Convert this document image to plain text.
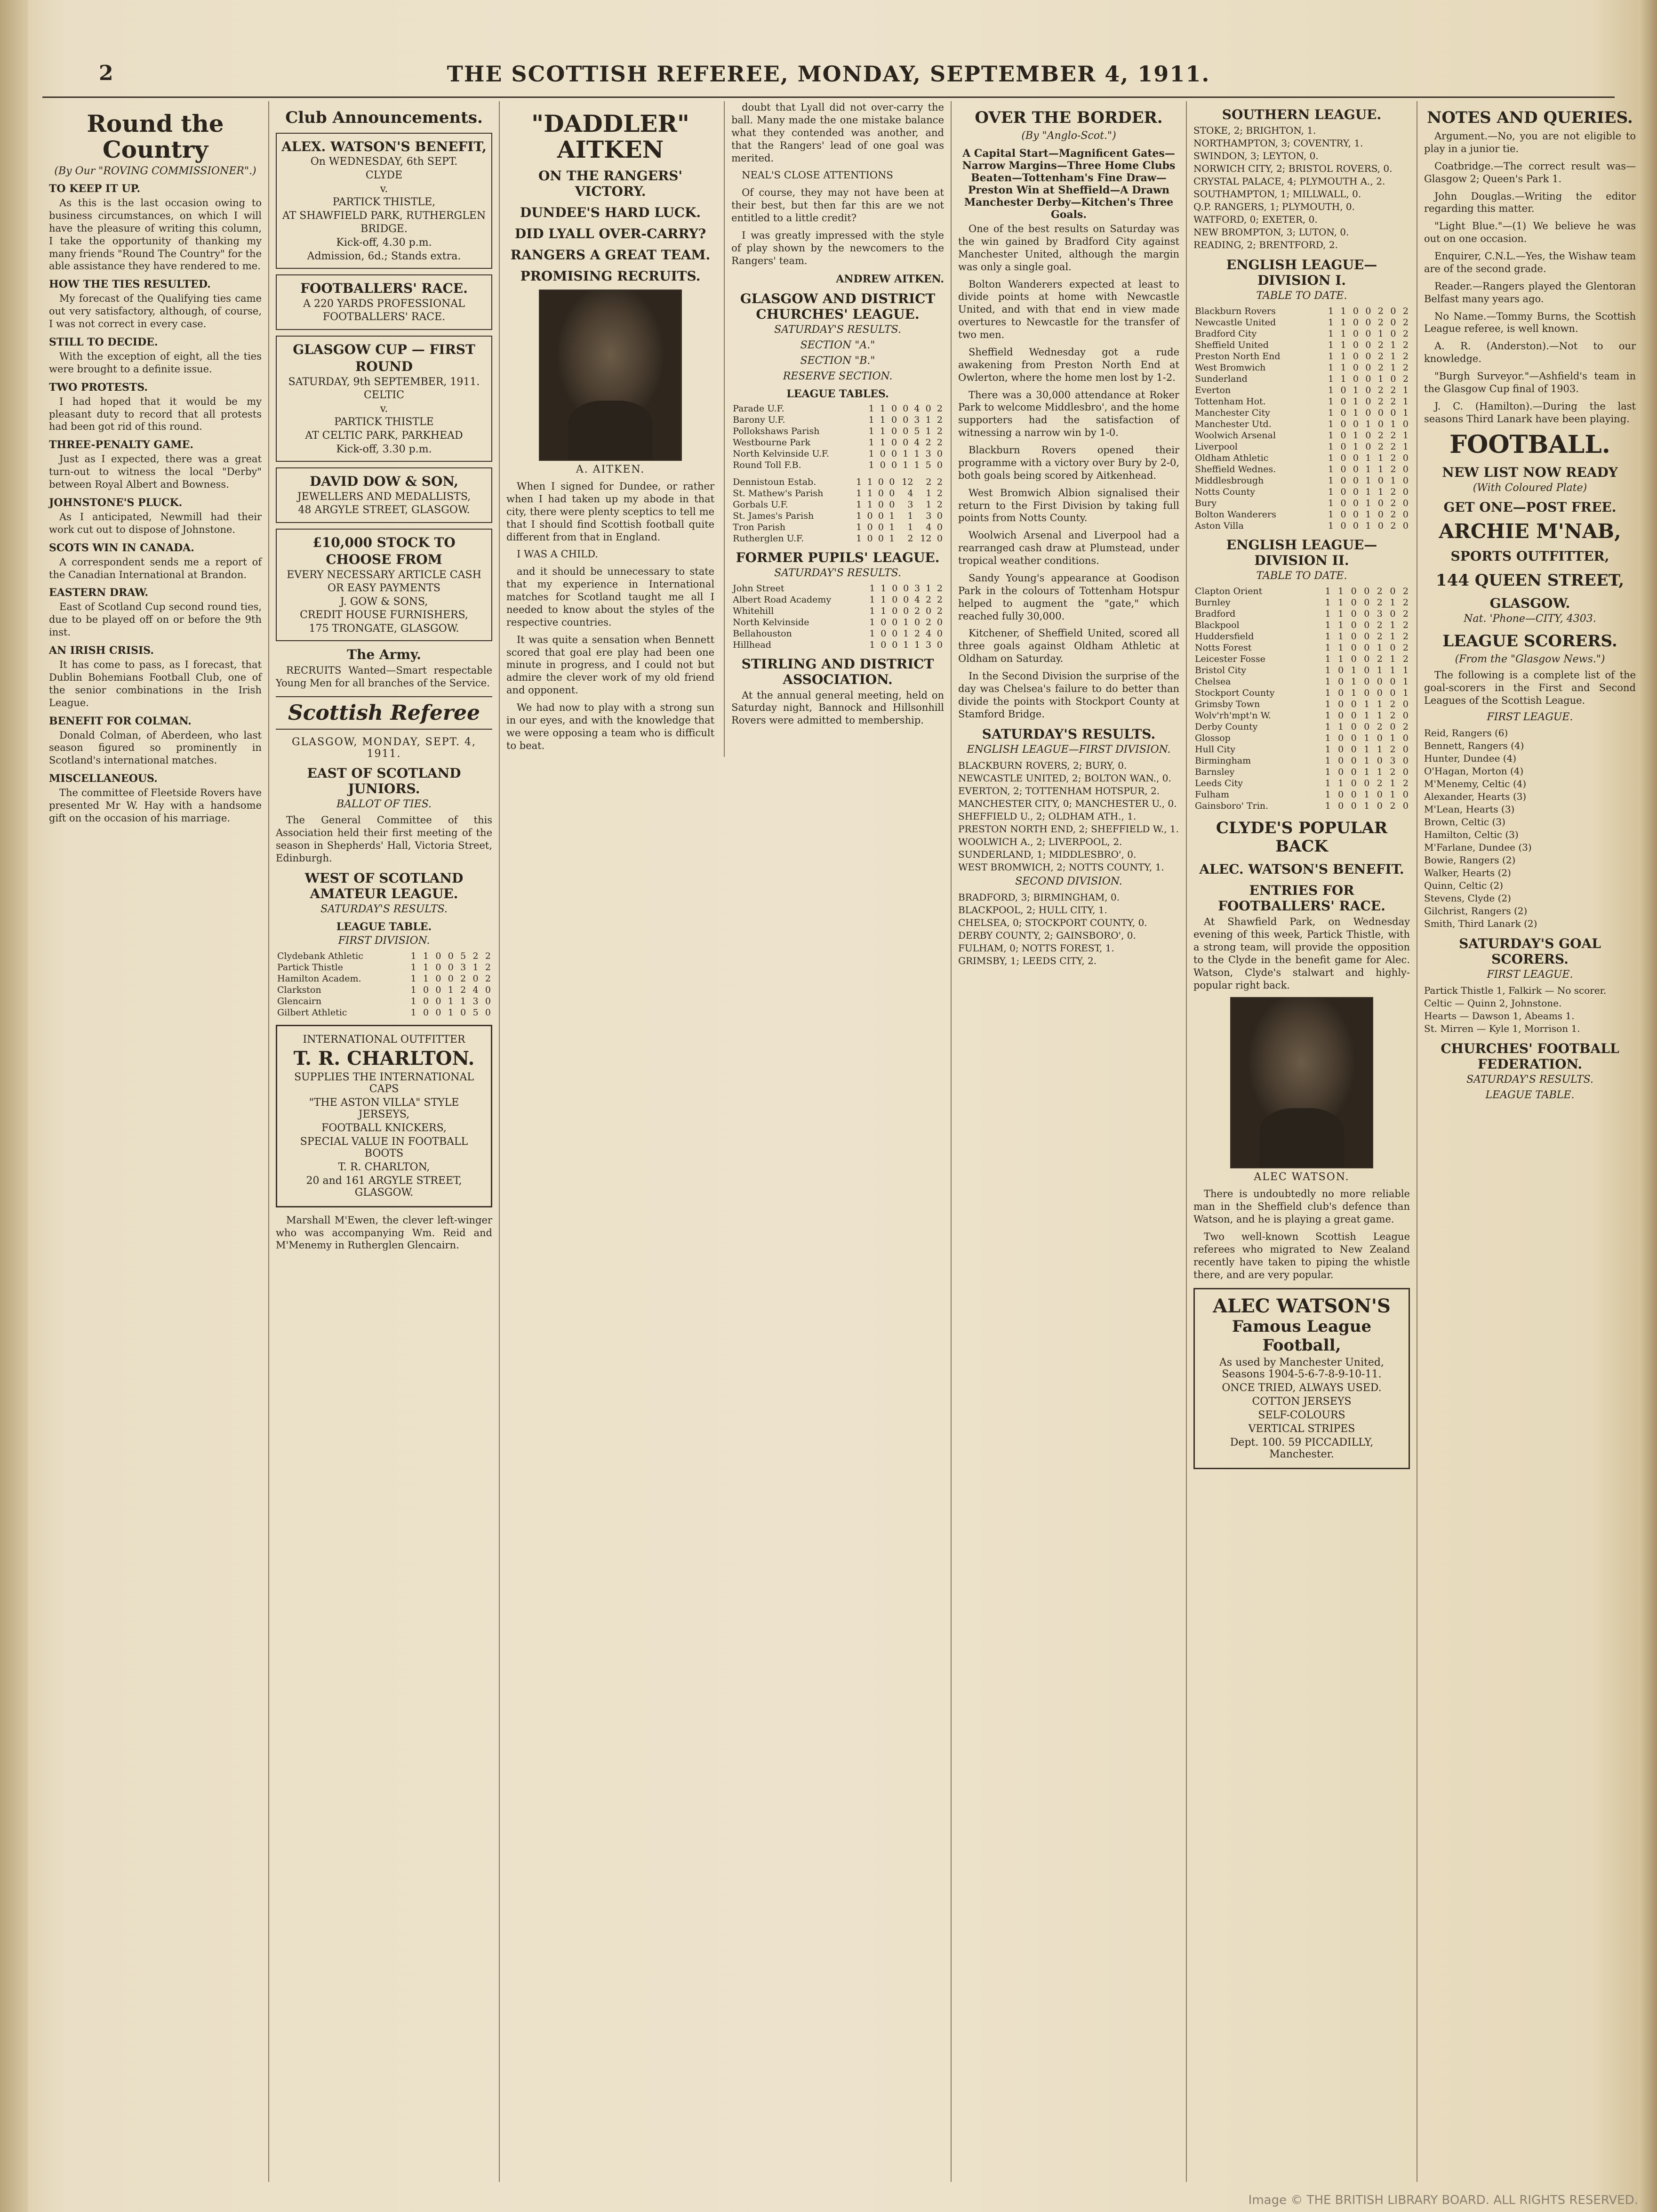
THE SCOTTISH REFEREE, MONDAY, SEPTEMBER 4, 1911.
2
Round the Country
(By Our "ROVING COMMISSIONER".)
TO KEEP IT UP.

As this is the last occasion owing to business circumstances, on which I will have the pleasure of writing this column, I take the opportunity of thanking my many friends "Round The Country" for the able assistance they have rendered to me.

HOW THE TIES RESULTED.

My forecast of the Qualifying ties came out very satisfactory, although, of course, I was not correct in every case.

STILL TO DECIDE.

With the exception of eight, all the ties were brought to a definite issue.

TWO PROTESTS.

I had hoped that it would be my pleasant duty to record that all protests had been got rid of this round.

THREE-PENALTY GAME.

Just as I expected, there was a great turn-out to witness the local "Derby" between Royal Albert and Bowness.

JOHNSTONE'S PLUCK.

As I anticipated, Newmill had their work cut out to dispose of Johnstone.

SCOTS WIN IN CANADA.

A correspondent sends me a report of the Canadian International at Brandon.

EASTERN DRAW.

East of Scotland Cup second round ties, due to be played off on or before the 9th inst.

AN IRISH CRISIS.

It has come to pass, as I forecast, that Dublin Bohemians Football Club, one of the senior combinations in the Irish League.

BENEFIT FOR COLMAN.

Donald Colman, of Aberdeen, who last season figured so prominently in Scotland's international matches.

MISCELLANEOUS.

The committee of Fleetside Rovers have presented Mr W. Hay with a handsome gift on the occasion of his marriage.

Club Announcements.
ALEX. WATSON'S BENEFIT,
On WEDNESDAY, 6th SEPT.
CLYDE
v.
PARTICK THISTLE,
AT SHAWFIELD PARK, RUTHERGLEN BRIDGE.
Kick-off, 4.30 p.m.
Admission, 6d.; Stands extra.
FOOTBALLERS' RACE.
A 220 YARDS PROFESSIONAL FOOTBALLERS' RACE.
GLASGOW CUP — FIRST ROUND
SATURDAY, 9th SEPTEMBER, 1911.
CELTIC
v.
PARTICK THISTLE
AT CELTIC PARK, PARKHEAD
Kick-off, 3.30 p.m.
DAVID DOW & SON,
JEWELLERS AND MEDALLISTS,
48 ARGYLE STREET, GLASGOW.
£10,000 STOCK TO CHOOSE FROM
EVERY NECESSARY ARTICLE CASH OR EASY PAYMENTS
J. GOW & SONS,
CREDIT HOUSE FURNISHERS,
175 TRONGATE, GLASGOW.
The Army.

RECRUITS Wanted—Smart respectable Young Men for all branches of the Service.

Scottish Referee
GLASGOW, MONDAY, SEPT. 4, 1911.
EAST OF SCOTLAND JUNIORS.
BALLOT OF TIES.

The General Committee of this Association held their first meeting of the season in Shepherds' Hall, Victoria Street, Edinburgh.

WEST OF SCOTLAND AMATEUR LEAGUE.
SATURDAY'S RESULTS.
LEAGUE TABLE.
FIRST DIVISION.
Clydebank Athletic	1	1	0	0	5	2	2
Partick Thistle	1	1	0	0	3	1	2
Hamilton Academ.	1	1	0	0	2	0	2
Clarkston	1	0	0	1	2	4	0
Glencairn	1	0	0	1	1	3	0
Gilbert Athletic	1	0	0	1	0	5	0
INTERNATIONAL OUTFITTER
T. R. CHARLTON.
SUPPLIES THE INTERNATIONAL CAPS
"THE ASTON VILLA" STYLE JERSEYS,
FOOTBALL KNICKERS,
SPECIAL VALUE IN FOOTBALL BOOTS
T. R. CHARLTON,
20 and 161 ARGYLE STREET, GLASGOW.

Marshall M'Ewen, the clever left-winger who was accompanying Wm. Reid and M'Menemy in Rutherglen Glencairn.

"DADDLER" AITKEN
ON THE RANGERS' VICTORY.
DUNDEE'S HARD LUCK.
DID LYALL OVER-CARRY?
RANGERS A GREAT TEAM.
PROMISING RECRUITS.
A. AITKEN.

When I signed for Dundee, or rather when I had taken up my abode in that city, there were plenty sceptics to tell me that I should find Scottish football quite different from that in England.

I WAS A CHILD.

and it should be unnecessary to state that my experience in International matches for Scotland taught me all I needed to know about the styles of the respective countries.

It was quite a sensation when Bennett scored that goal ere play had been one minute in progress, and I could not but admire the clever work of my old friend and opponent.

We had now to play with a strong sun in our eyes, and with the knowledge that we were opposing a team who is difficult to beat.

doubt that Lyall did not over-carry the ball. Many made the one mistake balance what they contended was another, and that the Rangers' lead of one goal was merited.

NEAL'S CLOSE ATTENTIONS

Of course, they may not have been at their best, but then far this are we not entitled to a little credit?

I was greatly impressed with the style of play shown by the newcomers to the Rangers' team.

ANDREW AITKEN.
GLASGOW AND DISTRICT CHURCHES' LEAGUE.
SATURDAY'S RESULTS.
SECTION "A."
SECTION "B."
RESERVE SECTION.
LEAGUE TABLES.
Parade U.F.	1	1	0	0	4	0	2
Barony U.F.	1	1	0	0	3	1	2
Pollokshaws Parish	1	1	0	0	5	1	2
Westbourne Park	1	1	0	0	4	2	2
North Kelvinside U.F.	1	0	0	1	1	3	0
Round Toll F.B.	1	0	0	1	1	5	0
Dennistoun Estab.	1	1	0	0	12	2	2
St. Mathew's Parish	1	1	0	0	4	1	2
Gorbals U.F.	1	1	0	0	3	1	2
St. James's Parish	1	0	0	1	1	3	0
Tron Parish	1	0	0	1	1	4	0
Rutherglen U.F.	1	0	0	1	2	12	0
FORMER PUPILS' LEAGUE.
SATURDAY'S RESULTS.
John Street	1	1	0	0	3	1	2
Albert Road Academy	1	1	0	0	4	2	2
Whitehill	1	1	0	0	2	0	2
North Kelvinside	1	0	0	1	0	2	0
Bellahouston	1	0	0	1	2	4	0
Hillhead	1	0	0	1	1	3	0
STIRLING AND DISTRICT ASSOCIATION.

At the annual general meeting, held on Saturday night, Bannock and Hillsonhill Rovers were admitted to membership.

OVER THE BORDER.
(By "Anglo-Scot.")
A Capital Start—Magnificent Gates—Narrow Margins—Three Home Clubs Beaten—Tottenham's Fine Draw—Preston Win at Sheffield—A Drawn Manchester Derby—Kitchen's Three Goals.

One of the best results on Saturday was the win gained by Bradford City against Manchester United, although the margin was only a single goal.

Bolton Wanderers expected at least to divide points at home with Newcastle United, and with that end in view made overtures to Newcastle for the transfer of two men.

Sheffield Wednesday got a rude awakening from Preston North End at Owlerton, where the home men lost by 1-2.

There was a 30,000 attendance at Roker Park to welcome Middlesbro', and the home supporters had the satisfaction of witnessing a narrow win by 1-0.

Blackburn Rovers opened their programme with a victory over Bury by 2-0, both goals being scored by Aitkenhead.

West Bromwich Albion signalised their return to the First Division by taking full points from Notts County.

Woolwich Arsenal and Liverpool had a rearranged cash draw at Plumstead, under tropical weather conditions.

Sandy Young's appearance at Goodison Park in the colours of Tottenham Hotspur helped to augment the "gate," which reached fully 30,000.

Kitchener, of Sheffield United, scored all three goals against Oldham Athletic at Oldham on Saturday.

In the Second Division the surprise of the day was Chelsea's failure to do better than divide the points with Stockport County at Stamford Bridge.

SATURDAY'S RESULTS.
ENGLISH LEAGUE—FIRST DIVISION.
BLACKBURN ROVERS, 2; BURY, 0.
NEWCASTLE UNITED, 2; BOLTON WAN., 0.
EVERTON, 2; TOTTENHAM HOTSPUR, 2.
MANCHESTER CITY, 0; MANCHESTER U., 0.
SHEFFIELD U., 2; OLDHAM ATH., 1.
PRESTON NORTH END, 2; SHEFFIELD W., 1.
WOOLWICH A., 2; LIVERPOOL, 2.
SUNDERLAND, 1; MIDDLESBRO', 0.
WEST BROMWICH, 2; NOTTS COUNTY, 1.
SECOND DIVISION.
BRADFORD, 3; BIRMINGHAM, 0.
BLACKPOOL, 2; HULL CITY, 1.
CHELSEA, 0; STOCKPORT COUNTY, 0.
DERBY COUNTY, 2; GAINSBORO', 0.
FULHAM, 0; NOTTS FOREST, 1.
GRIMSBY, 1; LEEDS CITY, 2.
SOUTHERN LEAGUE.
STOKE, 2; BRIGHTON, 1.
NORTHAMPTON, 3; COVENTRY, 1.
SWINDON, 3; LEYTON, 0.
NORWICH CITY, 2; BRISTOL ROVERS, 0.
CRYSTAL PALACE, 4; PLYMOUTH A., 2.
SOUTHAMPTON, 1; MILLWALL, 0.
Q.P. RANGERS, 1; PLYMOUTH, 0.
WATFORD, 0; EXETER, 0.
NEW BROMPTON, 3; LUTON, 0.
READING, 2; BRENTFORD, 2.
ENGLISH LEAGUE—DIVISION I.
TABLE TO DATE.
Blackburn Rovers	1	1	0	0	2	0	2
Newcastle United	1	1	0	0	2	0	2
Bradford City	1	1	0	0	1	0	2
Sheffield United	1	1	0	0	2	1	2
Preston North End	1	1	0	0	2	1	2
West Bromwich	1	1	0	0	2	1	2
Sunderland	1	1	0	0	1	0	2
Everton	1	0	1	0	2	2	1
Tottenham Hot.	1	0	1	0	2	2	1
Manchester City	1	0	1	0	0	0	1
Manchester Utd.	1	0	0	1	0	1	0
Woolwich Arsenal	1	0	1	0	2	2	1
Liverpool	1	0	1	0	2	2	1
Oldham Athletic	1	0	0	1	1	2	0
Sheffield Wednes.	1	0	0	1	1	2	0
Middlesbrough	1	0	0	1	0	1	0
Notts County	1	0	0	1	1	2	0
Bury	1	0	0	1	0	2	0
Bolton Wanderers	1	0	0	1	0	2	0
Aston Villa	1	0	0	1	0	2	0
ENGLISH LEAGUE—DIVISION II.
TABLE TO DATE.
Clapton Orient	1	1	0	0	2	0	2
Burnley	1	1	0	0	2	1	2
Bradford	1	1	0	0	3	0	2
Blackpool	1	1	0	0	2	1	2
Huddersfield	1	1	0	0	2	1	2
Notts Forest	1	1	0	0	1	0	2
Leicester Fosse	1	1	0	0	2	1	2
Bristol City	1	0	1	0	1	1	1
Chelsea	1	0	1	0	0	0	1
Stockport County	1	0	1	0	0	0	1
Grimsby Town	1	0	0	1	1	2	0
Wolv'rh'mpt'n W.	1	0	0	1	1	2	0
Derby County	1	1	0	0	2	0	2
Glossop	1	0	0	1	0	1	0
Hull City	1	0	0	1	1	2	0
Birmingham	1	0	0	1	0	3	0
Barnsley	1	0	0	1	1	2	0
Leeds City	1	1	0	0	2	1	2
Fulham	1	0	0	1	0	1	0
Gainsboro' Trin.	1	0	0	1	0	2	0
CLYDE'S POPULAR BACK
ALEC. WATSON'S BENEFIT.
ENTRIES FOR FOOTBALLERS' RACE.

At Shawfield Park, on Wednesday evening of this week, Partick Thistle, with a strong team, will provide the opposition to the Clyde in the benefit game for Alec. Watson, Clyde's stalwart and highly-popular right back.

ALEC WATSON.

There is undoubtedly no more reliable man in the Sheffield club's defence than Watson, and he is playing a great game.

Two well-known Scottish League referees who migrated to New Zealand recently have taken to piping the whistle there, and are very popular.

ALEC WATSON'S
Famous League Football,
As used by Manchester United, Seasons 1904-5-6-7-8-9-10-11.
ONCE TRIED, ALWAYS USED.
COTTON JERSEYS
SELF-COLOURS
VERTICAL STRIPES
Dept. 100. 59 PICCADILLY, Manchester.
NOTES AND QUERIES.

Argument.—No, you are not eligible to play in a junior tie.

Coatbridge.—The correct result was—Glasgow 2; Queen's Park 1.

John Douglas.—Writing the editor regarding this matter.

"Light Blue."—(1) We believe he was out on one occasion.

Enquirer, C.N.L.—Yes, the Wishaw team are of the second grade.

Reader.—Rangers played the Glentoran Belfast many years ago.

No Name.—Tommy Burns, the Scottish League referee, is well known.

A. R. (Anderston).—Not to our knowledge.

"Burgh Surveyor."—Ashfield's team in the Glasgow Cup final of 1903.

J. C. (Hamilton).—During the last seasons Third Lanark have been playing.

FOOTBALL.
NEW LIST NOW READY
(With Coloured Plate)
GET ONE—POST FREE.
ARCHIE M'NAB,
SPORTS OUTFITTER,
144 QUEEN STREET,
GLASGOW.
Nat. 'Phone—CITY, 4303.
LEAGUE SCORERS.
(From the "Glasgow News.")

The following is a complete list of the goal-scorers in the First and Second Leagues of the Scottish League.

FIRST LEAGUE.
Reid, Rangers (6)
Bennett, Rangers (4)
Hunter, Dundee (4)
O'Hagan, Morton (4)
M'Menemy, Celtic (4)
Alexander, Hearts (3)
M'Lean, Hearts (3)
Brown, Celtic (3)
Hamilton, Celtic (3)
M'Farlane, Dundee (3)
Bowie, Rangers (2)
Walker, Hearts (2)
Quinn, Celtic (2)
Stevens, Clyde (2)
Gilchrist, Rangers (2)
Smith, Third Lanark (2)
SATURDAY'S GOAL SCORERS.
FIRST LEAGUE.
Partick Thistle 1, Falkirk — No scorer.
Celtic — Quinn 2, Johnstone.
Hearts — Dawson 1, Abeams 1.
St. Mirren — Kyle 1, Morrison 1.
CHURCHES' FOOTBALL FEDERATION.
SATURDAY'S RESULTS.
LEAGUE TABLE.
Image © THE BRITISH LIBRARY BOARD. ALL RIGHTS RESERVED.
